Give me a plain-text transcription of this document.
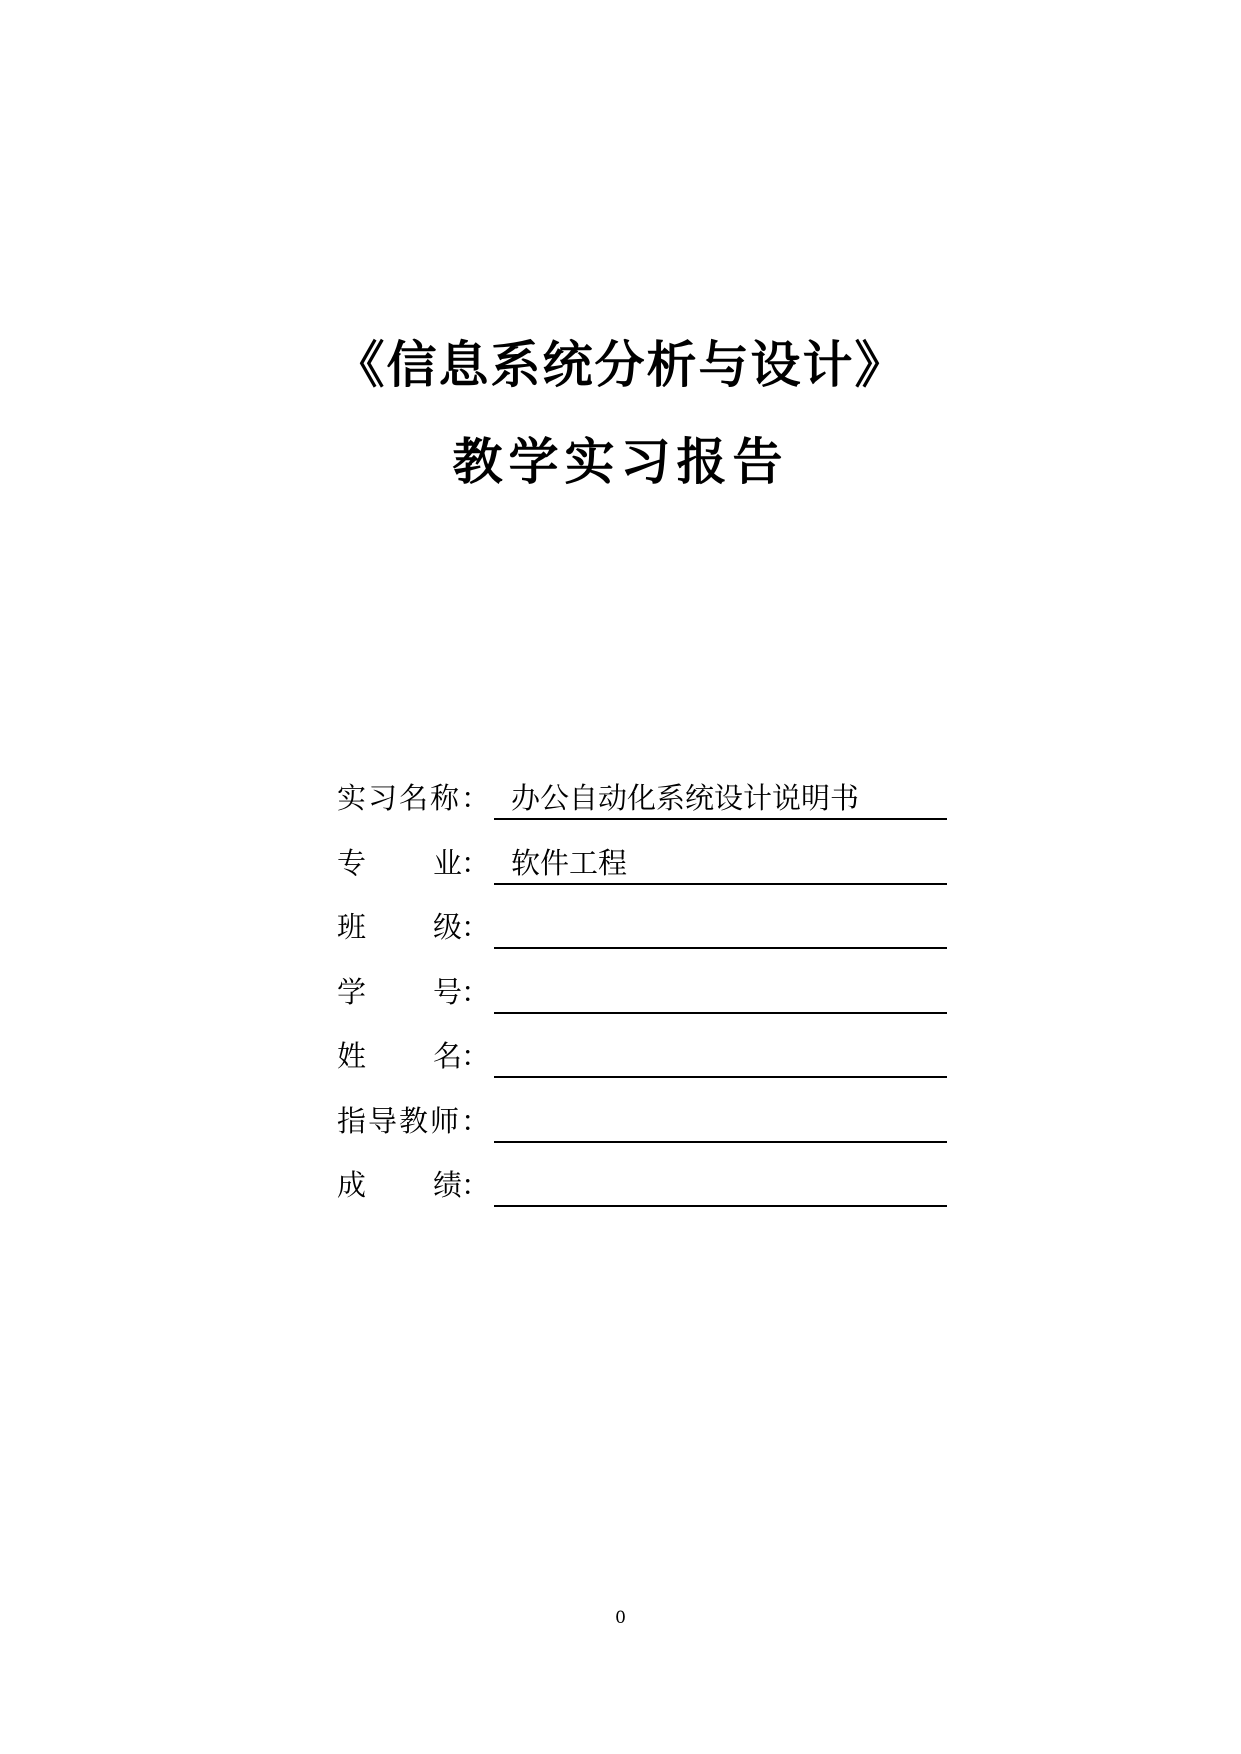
《信息系统分析与设计》
教学实习报告
实 习 名 称 ： 办公自动化系统设计说明书
专 业
： 软件工程
班 级
：
学 号
：
姓 名
：
指 导 教 师 ：
成 绩
：
0
